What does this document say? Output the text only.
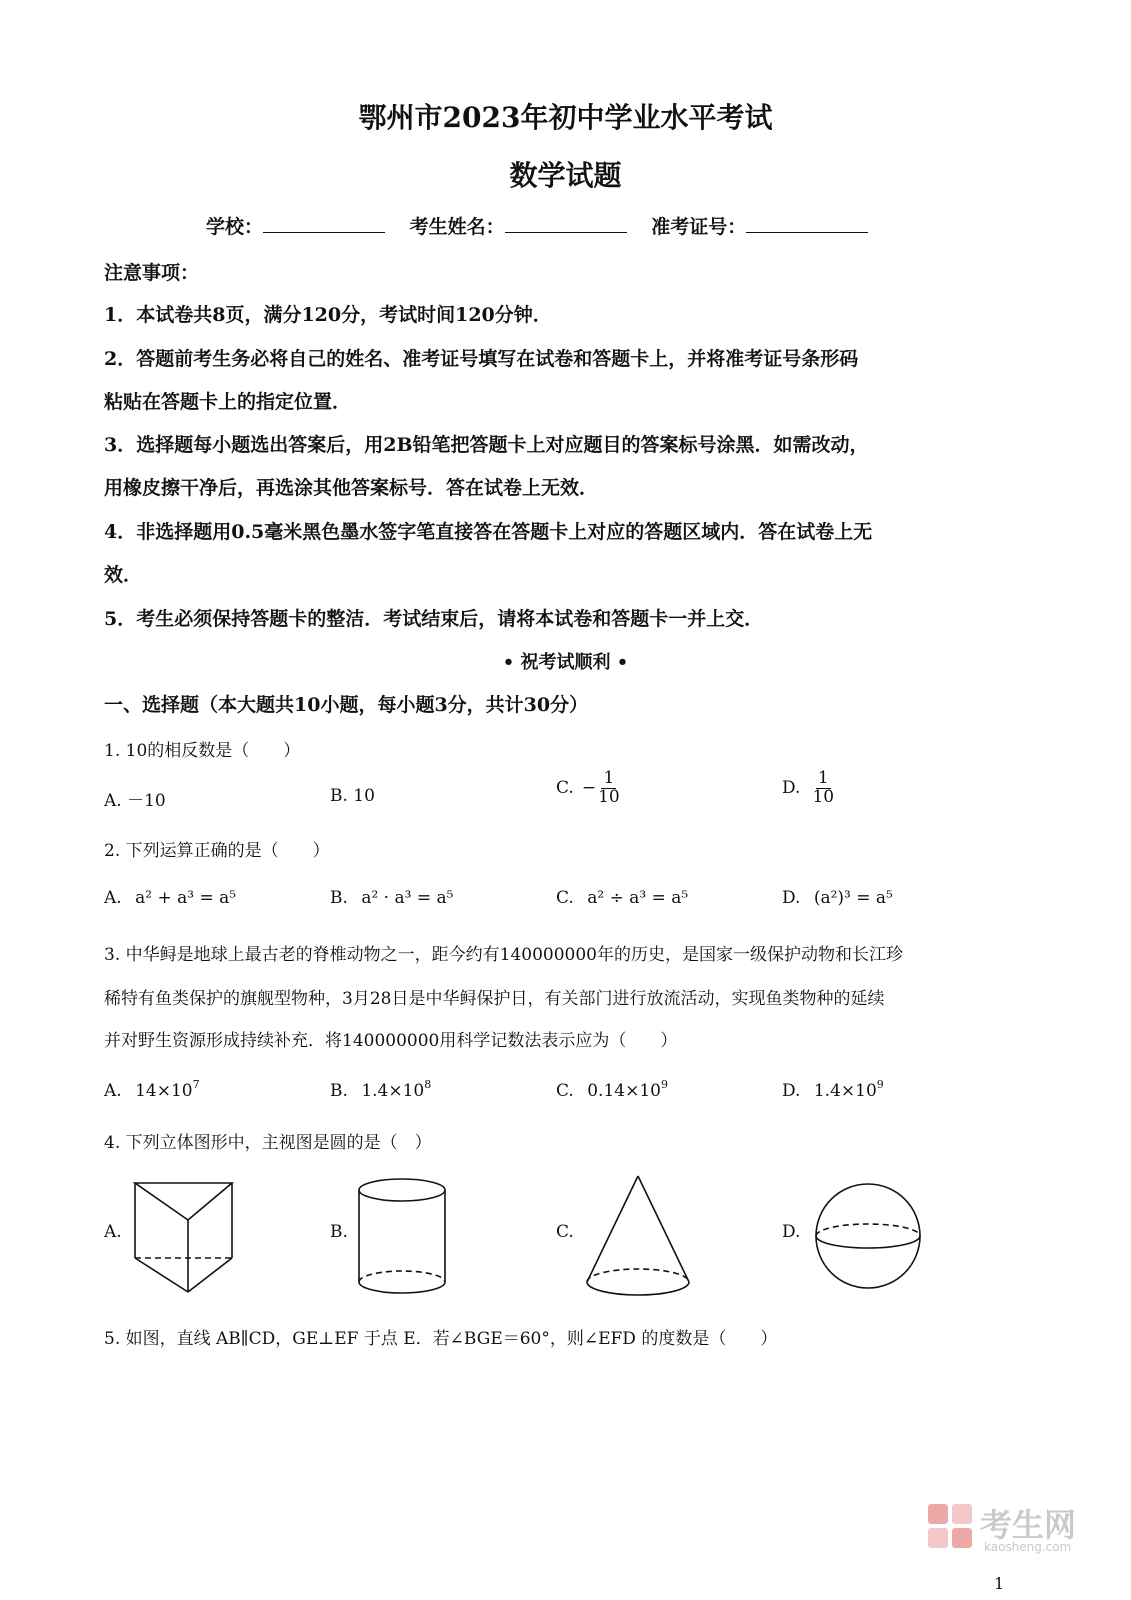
鄂州市2023年初中学业水平考试
数学试题
学校：	考生姓名：	准考证号：
注意事项：
1．本试卷共8页，满分120分，考试时间120分钟．
2．答题前考生务必将自己的姓名、准考证号填写在试卷和答题卡上，并将准考证号条形码
粘贴在答题卡上的指定位置．
3．选择题每小题选出答案后，用2B铅笔把答题卡上对应题目的答案标号涂黑．如需改动，
用橡皮擦干净后，再选涂其他答案标号．答在试卷上无效．
4．非选择题用0.5毫米黑色墨水签字笔直接答在答题卡上对应的答题区域内．答在试卷上无
效．
5．考生必须保持答题卡的整洁．考试结束后，请将本试卷和答题卡一并上交．
• 祝考试顺利 •
一、选择题（本大题共10小题，每小题3分，共计30分）
1. 10的相反数是（　　）
A. －10	B. 10	C. − $\frac{1}{10}$	D. $\frac{1}{10}$
2. 下列运算正确的是（　　）
A. a² + a³ = a⁵	B. a² · a³ = a⁵	C. a² ÷ a³ = a⁵	D. (a²)³ = a⁵
3. 中华鲟是地球上最古老的脊椎动物之一，距今约有140000000年的历史，是国家一级保护动物和长江珍
稀特有鱼类保护的旗舰型物种，3月28日是中华鲟保护日，有关部门进行放流活动，实现鱼类物种的延续
并对野生资源形成持续补充．将140000000用科学记数法表示应为（　　）
A. $14\times 10^7$	B. $1.4\times 10^8$	C. $0.14\times 10^9$	D. $1.4\times 10^9$
4. 下列立体图形中，主视图是圆的是（　）
A.	B.	C.	D.
5. 如图，直线 AB∥CD，GE⊥EF 于点 E．若∠BGE＝60°，则∠EFD 的度数是（　　）
考生网
kaosheng.com
1
